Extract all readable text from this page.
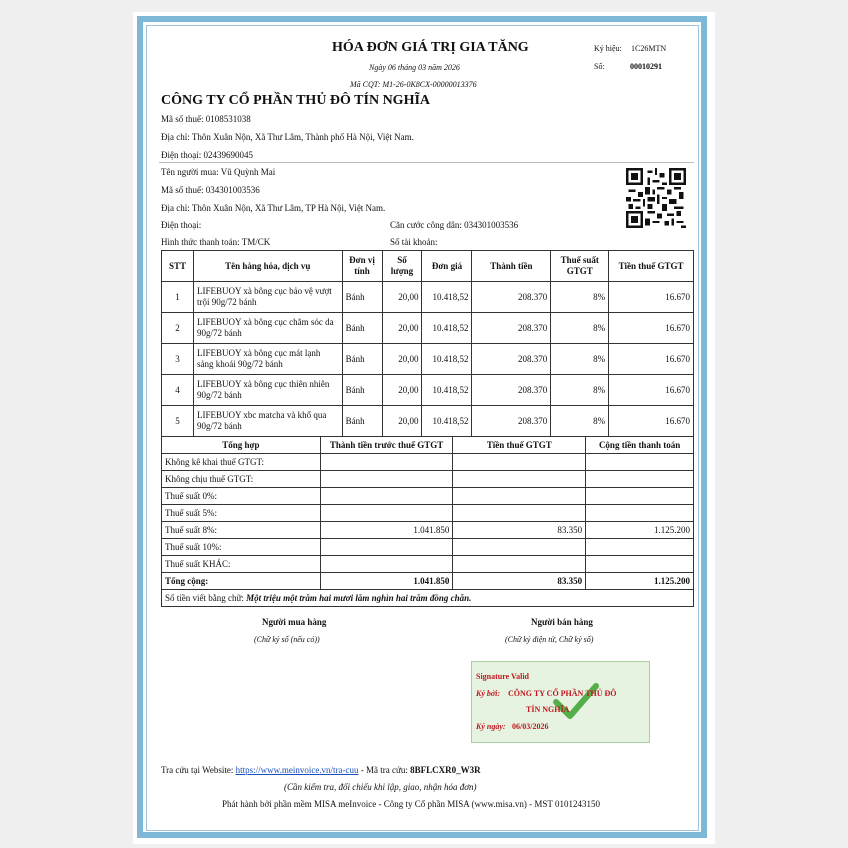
HÓA ĐƠN GIÁ TRỊ GIA TĂNG
Ngày 06 tháng 03 năm 2026
Mã CQT: M1-26-0K8CX-00000013376
Ký hiệu: 1C26MTN
Số:	00010291
CÔNG TY CỔ PHẦN THỦ ĐÔ TÍN NGHĨA
Mã số thuế: 0108531038
Địa chỉ: Thôn Xuân Nộn, Xã Thư Lâm, Thành phố Hà Nội, Việt Nam.
Điện thoại: 02439690045
Tên người mua: Vũ Quỳnh Mai
Mã số thuế: 034301003536
Địa chỉ: Thôn Xuân Nộn, Xã Thư Lâm, TP Hà Nội, Việt Nam.
Điện thoại:	Căn cước công dân: 034301003536
Hình thức thanh toán: TM/CK	Số tài khoản:
STT	Tên hàng hóa, dịch vụ	Đơn vị tính	Số lượng	Đơn giá	Thành tiền	Thuế suất GTGT	Tiền thuế GTGT
1	LIFEBUOY xà bông cục bảo vệ vượt trội 90g/72 bánh	Bánh	20,00	10.418,52	208.370	8%	16.670
2	LIFEBUOY xà bông cục chăm sóc da 90g/72 bánh	Bánh	20,00	10.418,52	208.370	8%	16.670
3	LIFEBUOY xà bông cục mát lạnh sảng khoái 90g/72 bánh	Bánh	20,00	10.418,52	208.370	8%	16.670
4	LIFEBUOY xà bông cục thiên nhiên 90g/72 bánh	Bánh	20,00	10.418,52	208.370	8%	16.670
5	LIFEBUOY xbc matcha và khổ qua 90g/72 bánh	Bánh	20,00	10.418,52	208.370	8%	16.670
Tổng hợp	Thành tiền trước thuế GTGT	Tiền thuế GTGT	Cộng tiền thanh toán
Không kê khai thuế GTGT:			
Không chịu thuế GTGT:			
Thuế suất 0%:			
Thuế suất 5%:			
Thuế suất 8%:	1.041.850	83.350	1.125.200
Thuế suất 10%:			
Thuế suất KHÁC:			
Tổng cộng:	1.041.850	83.350	1.125.200
Số tiền viết bằng chữ: Một triệu một trăm hai mươi lăm nghìn hai trăm đồng chẵn.			
Người mua hàng
(Chữ ký số (nếu có))
Người bán hàng
(Chữ ký điện tử, Chữ ký số)
Signature Valid
Ký bởi: CÔNG TY CỔ PHẦN THỦ ĐÔ
TÍN NGHĨA
Ký ngày: 06/03/2026
Tra cứu tại Website: https://www.meinvoice.vn/tra-cuu - Mã tra cứu: 8BFLCXR0_W3R
(Cần kiểm tra, đối chiếu khi lập, giao, nhận hóa đơn)
Phát hành bởi phần mềm MISA meInvoice - Công ty Cổ phần MISA (www.misa.vn) - MST 0101243150
